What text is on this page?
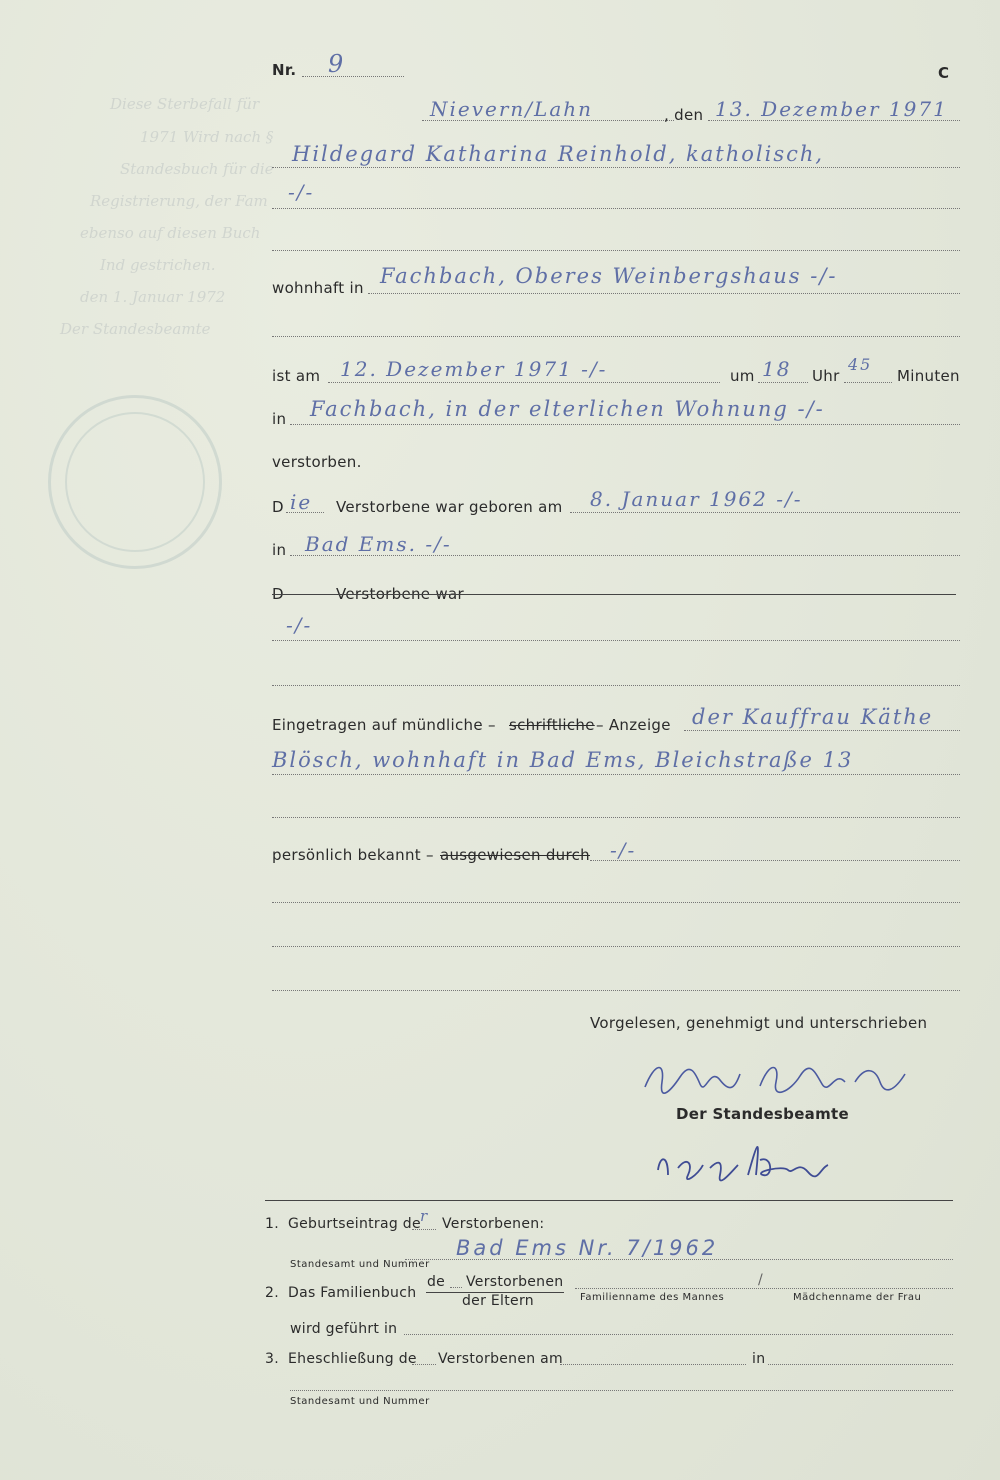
Diese Sterbefall für
1971 Wird nach §
Standesbuch für die
Registrierung, der Fam
ebenso auf diesen Buch
Ind gestrichen.
den 1. Januar 1972
Der Standesbeamte
Nr. 9	C
Nievern/Lahn	, den 13. Dezember 1971
Hildegard Katharina Reinhold, katholisch,
-/-
wohnhaft in Fachbach, Oberes Weinbergshaus -/-
ist am 12. Dezember 1971 -/-	um 18 Uhr
45
Minuten
in Fachbach, in der elterlichen Wohnung -/-
verstorben.
D ie Verstorbene war geboren am 8. Januar 1962 -/-
in Bad Ems. -/-
D	Verstorbene war
-/-
Eingetragen auf mündliche – schriftliche – Anzeige der Kauffrau Käthe
Blösch, wohnhaft in Bad Ems, Bleichstraße 13
persönlich bekannt – ausgewiesen durch -/-
Vorgelesen, genehmigt und unterschrieben
Der Standesbeamte
1. Geburtseintrag de r Verstorbenen:
Bad Ems Nr. 7/1962
Standesamt und Nummer
2. Das Familienbuch
de Verstorbenen
der Eltern
/
Familienname des Mannes	Mädchenname der Frau
wird geführt in
3. Eheschließung de Verstorbenen am	in
Standesamt und Nummer
